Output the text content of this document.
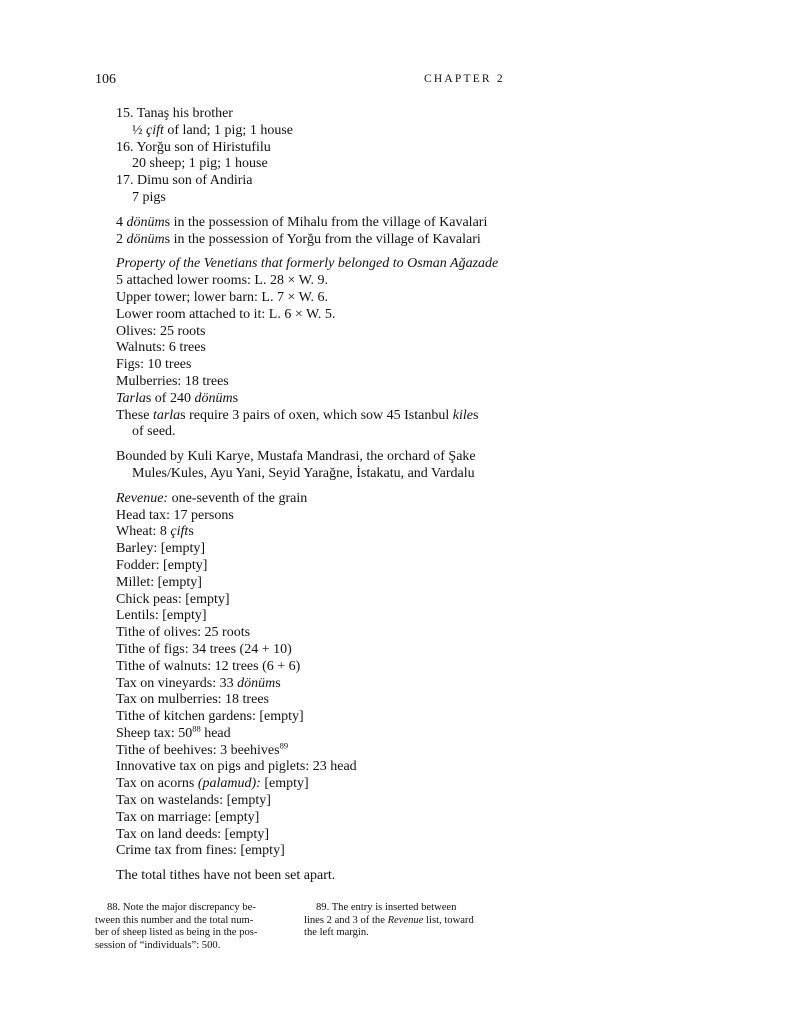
106	CHAPTER 2
15. Tanaş his brother
½ çift of land; 1 pig; 1 house
16. Yorğu son of Hiristufilu
20 sheep; 1 pig; 1 house
17. Dimu son of Andiria
7 pigs
4 dönüms in the possession of Mihalu from the village of Kavalari
2 dönüms in the possession of Yorğu from the village of Kavalari
Property of the Venetians that formerly belonged to Osman Ağazade
5 attached lower rooms: L. 28 × W. 9.
Upper tower; lower barn: L. 7 × W. 6.
Lower room attached to it: L. 6 × W. 5.
Olives: 25 roots
Walnuts: 6 trees
Figs: 10 trees
Mulberries: 18 trees
Tarlas of 240 dönüms
These tarlas require 3 pairs of oxen, which sow 45 Istanbul kiles
of seed.
Bounded by Kuli Karye, Mustafa Mandrasi, the orchard of Şake
Mules/Kules, Ayu Yani, Seyid Yarağne, İstakatu, and Vardalu
Revenue: one-seventh of the grain
Head tax: 17 persons
Wheat: 8 çifts
Barley: [empty]
Fodder: [empty]
Millet: [empty]
Chick peas: [empty]
Lentils: [empty]
Tithe of olives: 25 roots
Tithe of figs: 34 trees (24 + 10)
Tithe of walnuts: 12 trees (6 + 6)
Tax on vineyards: 33 dönüms
Tax on mulberries: 18 trees
Tithe of kitchen gardens: [empty]
Sheep tax: $50^{88}$ head
Tithe of beehives: 3 beehives$^{89}$
Innovative tax on pigs and piglets: 23 head
Tax on acorns (palamud): [empty]
Tax on wastelands: [empty]
Tax on marriage: [empty]
Tax on land deeds: [empty]
Crime tax from fines: [empty]
The total tithes have not been set apart.
88. Note the major discrepancy be-
tween this number and the total num-
ber of sheep listed as being in the pos-
session of “individuals”: 500.
89. The entry is inserted between
lines 2 and 3 of the Revenue list, toward
the left margin.
